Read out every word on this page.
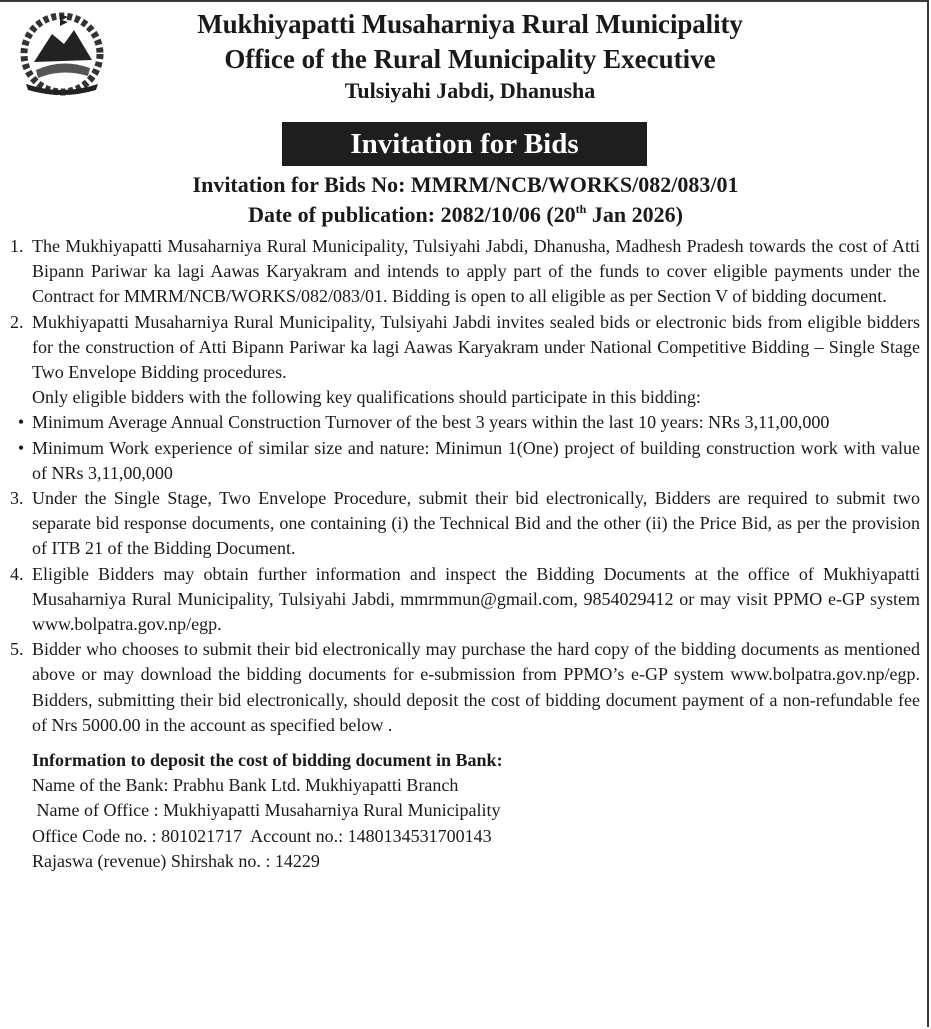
Mukhiyapatti Musaharniya Rural Municipality
Office of the Rural Municipality Executive
Tulsiyahi Jabdi, Dhanusha
Invitation for Bids
Invitation for Bids No: MMRM/NCB/WORKS/082/083/01
Date of publication: 2082/10/06 (20th Jan 2026)
1. The Mukhiyapatti Musaharniya Rural Municipality, Tulsiyahi Jabdi, Dhanusha, Madhesh Pradesh towards the cost of Atti Bipann Pariwar ka lagi Aawas Karyakram and intends to apply part of the funds to cover eligible payments under the Contract for MMRM/NCB/WORKS/082/083/01. Bidding is open to all eligible as per Section V of bidding document.
2. Mukhiyapatti Musaharniya Rural Municipality, Tulsiyahi Jabdi invites sealed bids or electronic bids from eligible bidders for the construction of Atti Bipann Pariwar ka lagi Aawas Karyakram under National Competitive Bidding – Single Stage Two Envelope Bidding procedures.

Only eligible bidders with the following key qualifications should participate in this bidding:

• Minimum Average Annual Construction Turnover of the best 3 years within the last 10 years: NRs 3,11,00,000
• Minimum Work experience of similar size and nature: Minimun 1(One) project of building construction work with value of NRs 3,11,00,000
3. Under the Single Stage, Two Envelope Procedure, submit their bid electronically, Bidders are required to submit two separate bid response documents, one containing (i) the Technical Bid and the other (ii) the Price Bid, as per the provision of ITB 21 of the Bidding Document.
4. Eligible Bidders may obtain further information and inspect the Bidding Documents at the office of Mukhiyapatti Musaharniya Rural Municipality, Tulsiyahi Jabdi, mmrmmun@gmail.com, 9854029412 or may visit PPMO e-GP system www.bolpatra.gov.np/egp.
5. Bidder who chooses to submit their bid electronically may purchase the hard copy of the bidding documents as mentioned above or may download the bidding documents for e-submission from PPMO’s e-GP system www.bolpatra.gov.np/egp. Bidders, submitting their bid electronically, should deposit the cost of bidding document payment of a non-refundable fee of Nrs 5000.00 in the account as specified below .
Information to deposit the cost of bidding document in Bank:
Name of the Bank: Prabhu Bank Ltd. Mukhiyapatti Branch
Name of Office : Mukhiyapatti Musaharniya Rural Municipality
Office Code no. : 801021717  Account no.: 1480134531700143
Rajaswa (revenue) Shirshak no. : 14229
